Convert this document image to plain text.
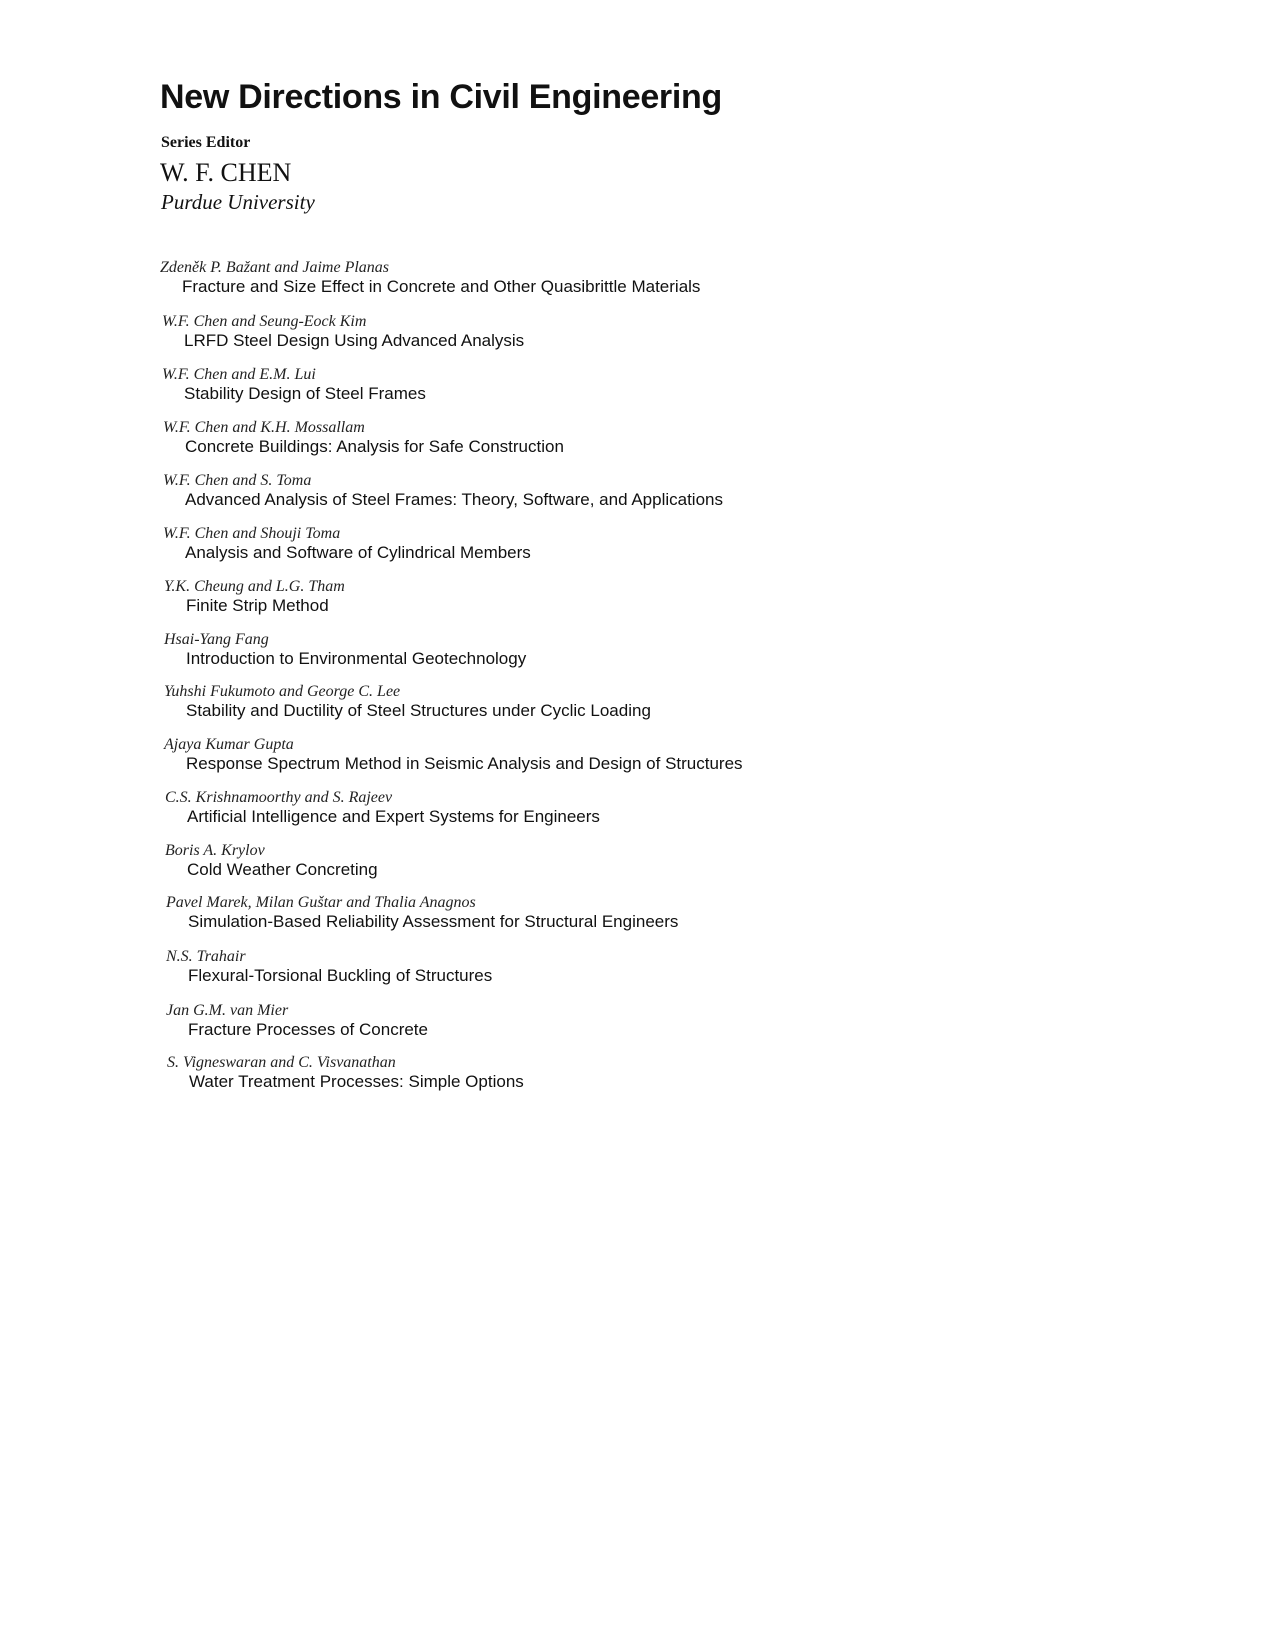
New Directions in Civil Engineering
Series Editor
W. F. CHEN
Purdue University
Zdeněk P. Bažant and Jaime Planas
Fracture and Size Effect in Concrete and Other Quasibrittle Materials
W.F. Chen and Seung-Eock Kim
LRFD Steel Design Using Advanced Analysis
W.F. Chen and E.M. Lui
Stability Design of Steel Frames
W.F. Chen and K.H. Mossallam
Concrete Buildings: Analysis for Safe Construction
W.F. Chen and S. Toma
Advanced Analysis of Steel Frames: Theory, Software, and Applications
W.F. Chen and Shouji Toma
Analysis and Software of Cylindrical Members
Y.K. Cheung and L.G. Tham
Finite Strip Method
Hsai-Yang Fang
Introduction to Environmental Geotechnology
Yuhshi Fukumoto and George C. Lee
Stability and Ductility of Steel Structures under Cyclic Loading
Ajaya Kumar Gupta
Response Spectrum Method in Seismic Analysis and Design of Structures
C.S. Krishnamoorthy and S. Rajeev
Artificial Intelligence and Expert Systems for Engineers
Boris A. Krylov
Cold Weather Concreting
Pavel Marek, Milan Guštar and Thalia Anagnos
Simulation-Based Reliability Assessment for Structural Engineers
N.S. Trahair
Flexural-Torsional Buckling of Structures
Jan G.M. van Mier
Fracture Processes of Concrete
S. Vigneswaran and C. Visvanathan
Water Treatment Processes: Simple Options
